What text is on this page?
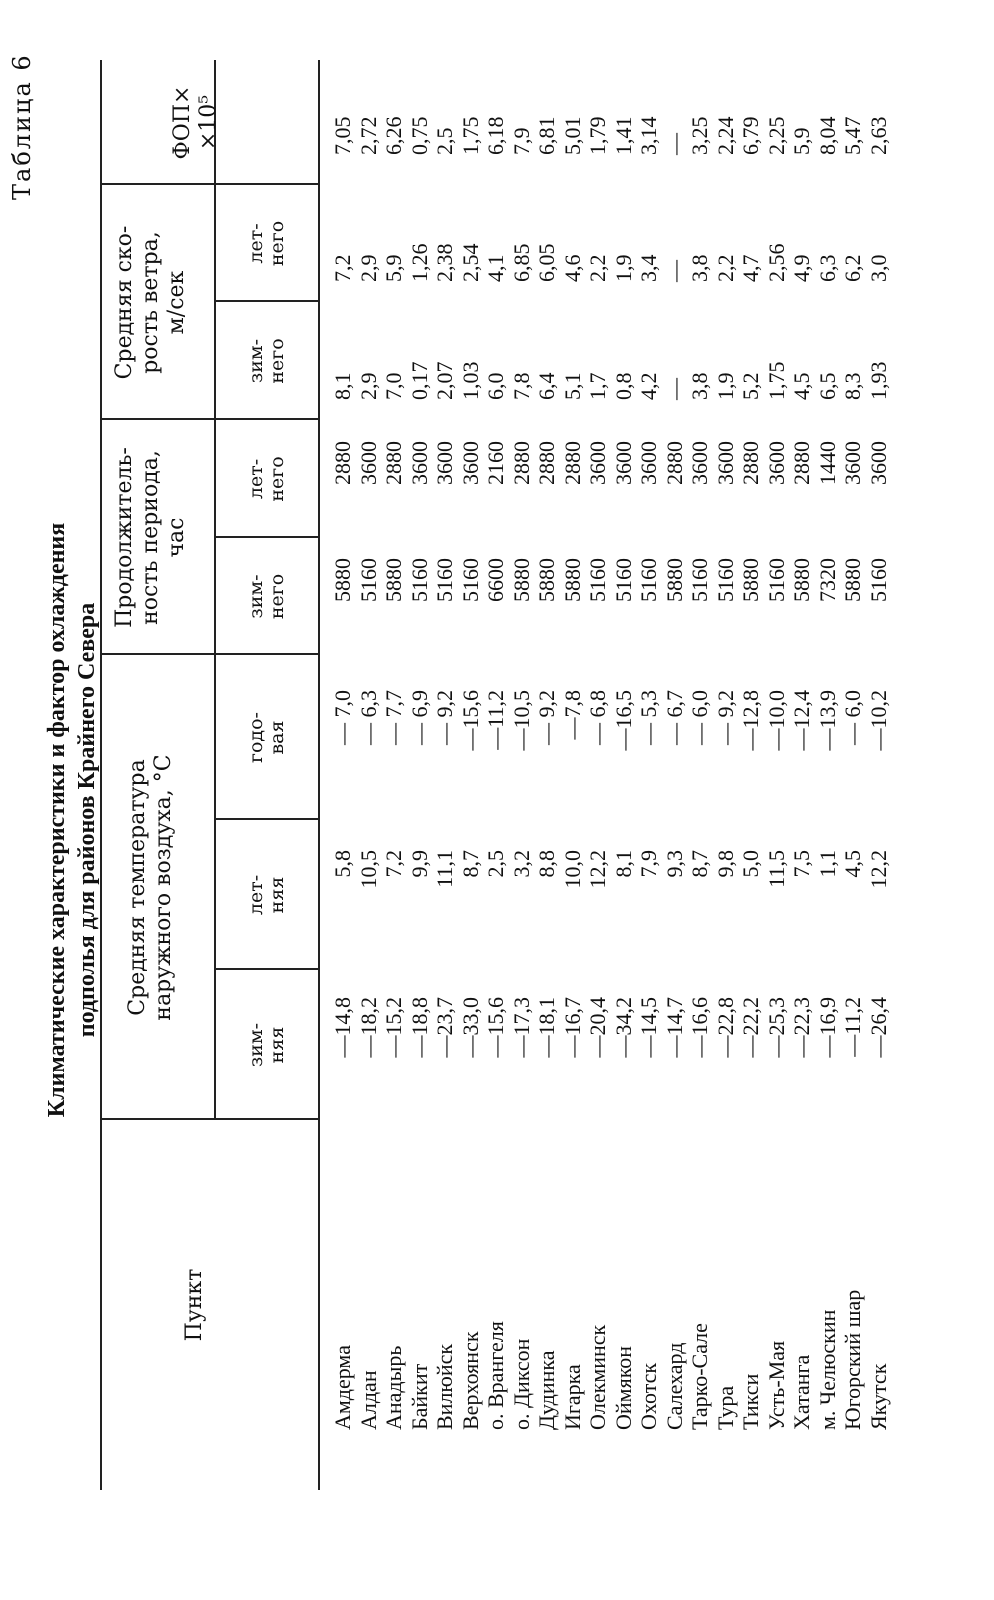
Таблица 6
Климатические характеристики и фактор охлаждения подполья для районов Крайнего Севера
Пункт
Средняя температура наружного воздуха, °С
Продолжитель- ность периода, час
Средняя ско- рость ветра, м/сек
ФОП× ×10⁵
зим- няя
лет- няя
годо- вая
зим- него
лет- него
зим- него
лет- него
Амдерма Алдан Анадырь Байкит Вилюйск Верхоянск о. Врангеля о. Диксон Дудинка Игарка Олекминск Оймякон Охотск Салехард Тарко-Сале Тура Тикси Усть-Мая Хатанга м. Челюскин Югорский шар Якутск
—14,8 —18,2 —15,2 —18,8 —23,7 —33,0 —15,6 —17,3 —18,1 —16,7 —20,4 —34,2 —14,5 —14,7 —16,6 —22,8 —22,2 —25,3 —22,3 —16,9 —11,2 —26,4
5,8 10,5 7,2 9,9 11,1 8,7 2,5 3,2 8,8 10,0 12,2 8,1 7,9 9,3 8,7 9,8 5,0 11,5 7,5 1,1 4,5 12,2
— 7,0 — 6,3 — 7,7 — 6,9 — 9,2 —15,6 —11,2 —10,5 — 9,2 —7,8 — 6,8 —16,5 — 5,3 — 6,7 — 6,0 — 9,2 —12,8 —10,0 —12,4 —13,9 — 6,0 —10,2
5880 5160 5880 5160 5160 5160 6600 5880 5880 5880 5160 5160 5160 5880 5160 5160 5880 5160 5880 7320 5880 5160
2880 3600 2880 3600 3600 3600 2160 2880 2880 2880 3600 3600 3600 2880 3600 3600 2880 3600 2880 1440 3600 3600
8,1 2,9 7,0 0,17 2,07 1,03 6,0 7,8 6,4 5,1 1,7 0,8 4,2 — 3,8 1,9 5,2 1,75 4,5 6,5 8,3 1,93
7,2 2,9 5,9 1,26 2,38 2,54 4,1 6,85 6,05 4,6 2,2 1,9 3,4 — 3,8 2,2 4,7 2,56 4,9 6,3 6,2 3,0
7,05 2,72 6,26 0,75 2,5 1,75 6,18 7,9 6,81 5,01 1,79 1,41 3,14 — 3,25 2,24 6,79 2,25 5,9 8,04 5,47 2,63
